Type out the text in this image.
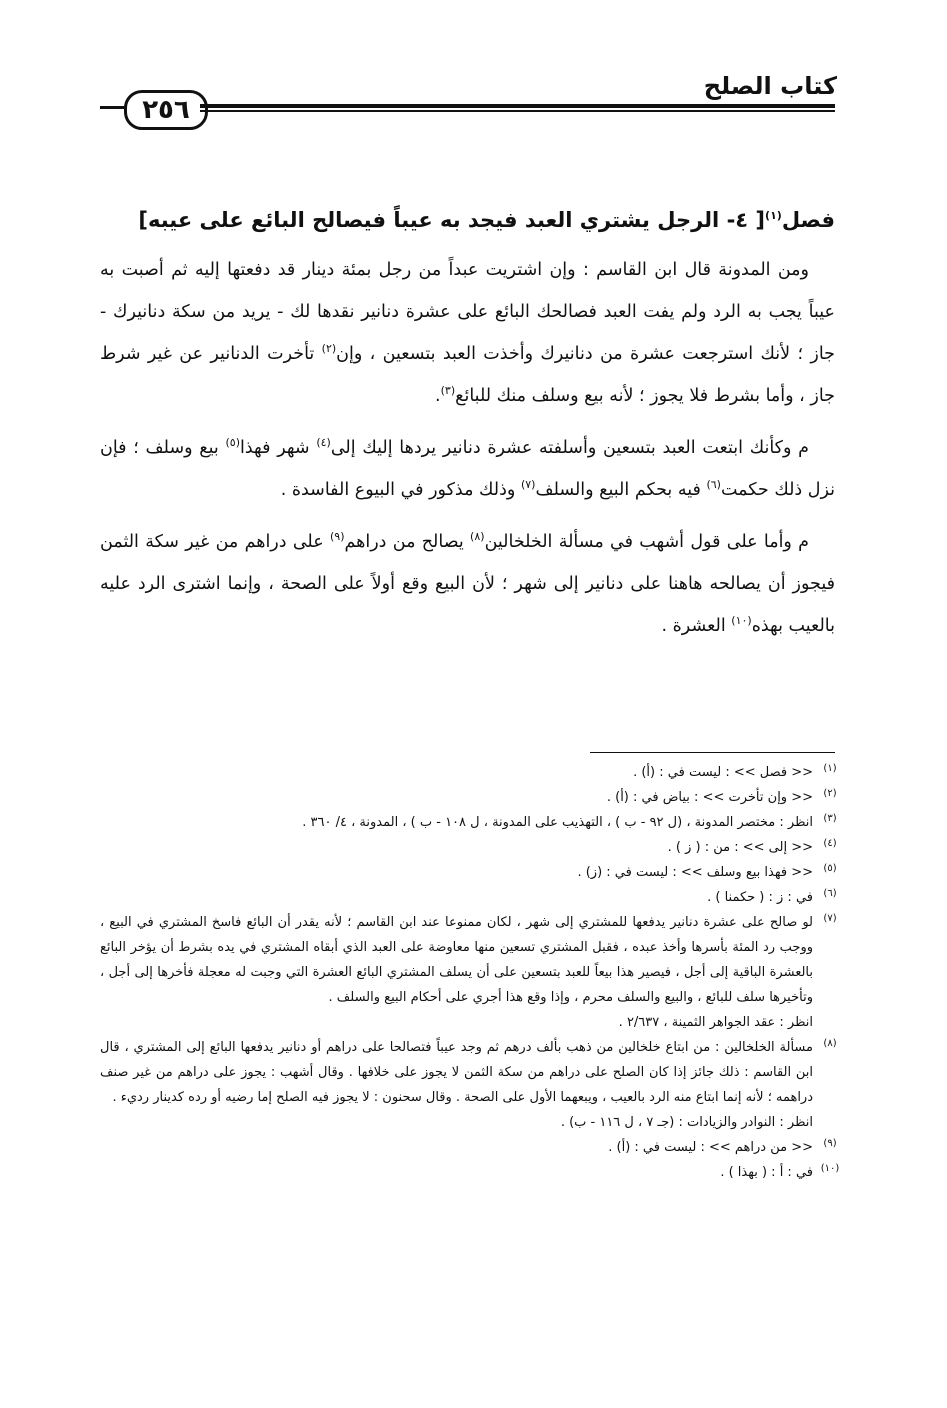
كتاب الصلح
٢٥٦
فصل$^{(١)}$[ ٤- الرجل يشتري العبد فيجد به عيباً فيصالح البائع على عيبه]

ومن المدونة قال ابن القاسم : وإن اشتريت عبداً من رجل بمئة دينار قد دفعتها إليه ثم أصبت به عيباً يجب به الرد ولم يفت العبد فصالحك البائع على عشرة دنانير نقدها لك - يريد من سكة دنانيرك - جاز ؛ لأنك استرجعت عشرة من دنانيرك وأخذت العبد بتسعين ، وإن$^{(٢)}$ تأخرت الدنانير عن غير شرط جاز ، وأما بشرط فلا يجوز ؛ لأنه بيع وسلف منك للبائع$^{(٣)}$.

م وكأنك ابتعت العبد بتسعين وأسلفته عشرة دنانير يردها إليك إلى$^{(٤)}$ شهر فهذا$^{(٥)}$ بيع وسلف ؛ فإن نزل ذلك حكمت$^{(٦)}$ فيه بحكم البيع والسلف$^{(٧)}$ وذلك مذكور في البيوع الفاسدة .

م وأما على قول أشهب في مسألة الخلخالين$^{(٨)}$ يصالح من دراهم$^{(٩)}$ على دراهم من غير سكة الثمن فيجوز أن يصالحه هاهنا على دنانير إلى شهر ؛ لأن البيع وقع أولاً على الصحة ، وإنما اشترى الرد عليه بالعيب بهذه$^{(١٠)}$ العشرة .

(١)
<< فصل >> : ليست في : (أ) .
(٢)
<< وإن تأخرت >> : بياض في : (أ) .
(٣)
انظر : مختصر المدونة ، (ل ٩٢ - ب ) ، التهذيب على المدونة ، ل ١٠٨ - ب ) ، المدونة ، ٤/ ٣٦٠ .
(٤)
<< إلى >> : من : ( ز ) .
(٥)
<< فهذا بيع وسلف >> : ليست في : (ز) .
(٦)
في : ز : ( حكمنا ) .
(٧)
لو صالح على عشرة دنانير يدفعها للمشتري إلى شهر ، لكان ممنوعا عند ابن القاسم ؛ لأنه يقدر أن البائع فاسخ المشتري في البيع ، ووجب رد المئة بأسرها وأخذ عبده ، فقبل المشتري تسعين منها معاوضة على العبد الذي أبقاه المشتري في يده بشرط أن يؤخر البائع بالعشرة الباقية إلى أجل ، فيصير هذا بيعاً للعبد بتسعين على أن يسلف المشتري البائع العشرة التي وجبت له معجلة فأخرها إلى أجل ، وتأخيرها سلف للبائع ، والبيع والسلف محرم ، وإذا وقع هذا أجري على أحكام البيع والسلف .
انظر : عقد الجواهر الثمينة ، ٢/٦٣٧ .
(٨)
مسألة الخلخالين : من ابتاع خلخالين من ذهب بألف درهم ثم وجد عيباً فتصالحا على دراهم أو دنانير يدفعها البائع إلى المشتري ، قال ابن القاسم : ذلك جائز إذا كان الصلح على دراهم من سكة الثمن لا يجوز على خلافها . وقال أشهب : يجوز على دراهم من غير صنف دراهمه ؛ لأنه إنما ابتاع منه الرد بالعيب ، ويبعهما الأول على الصحة . وقال سحنون : لا يجوز فيه الصلح إما رضيه أو رده كدينار رديء .
انظر : النوادر والزيادات : (جـ ٧ ، ل ١١٦ - ب) .
(٩)
<< من دراهم >> : ليست في : (أ) .
(١٠)
في : أ : ( بهذا ) .
